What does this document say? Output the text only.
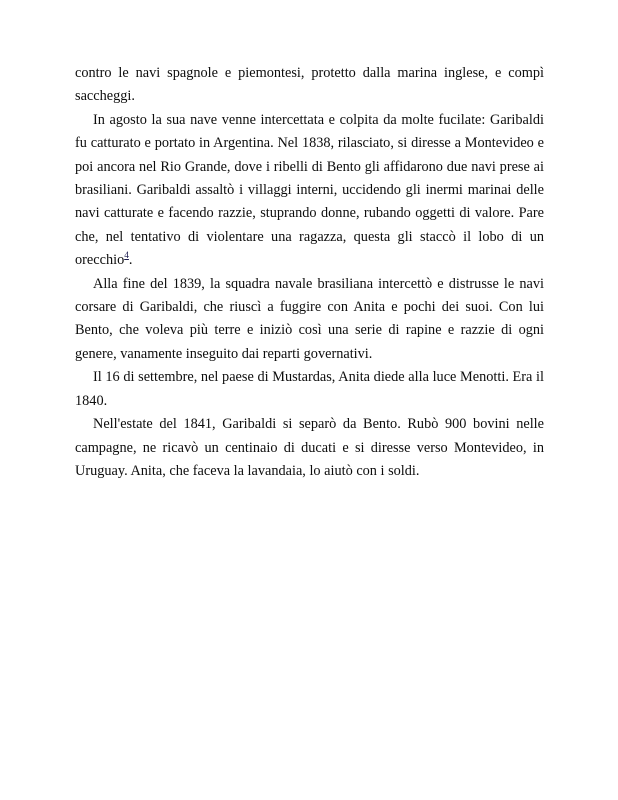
contro le navi spagnole e piemontesi, protetto dalla marina inglese, e compì saccheggi.

In agosto la sua nave venne intercettata e colpita da molte fucilate: Garibaldi fu catturato e portato in Argentina. Nel 1838, rilasciato, si diresse a Montevideo e poi ancora nel Rio Grande, dove i ribelli di Bento gli affidarono due navi prese ai brasiliani. Garibaldi assaltò i villaggi interni, uccidendo gli inermi marinai delle navi catturate e facendo razzie, stuprando donne, rubando oggetti di valore. Pare che, nel tentativo di violentare una ragazza, questa gli staccò il lobo di un orecchio$^4$.

Alla fine del 1839, la squadra navale brasiliana intercettò e distrusse le navi corsare di Garibaldi, che riuscì a fuggire con Anita e pochi dei suoi. Con lui Bento, che voleva più terre e iniziò così una serie di rapine e razzie di ogni genere, vanamente inseguito dai reparti governativi.

Il 16 di settembre, nel paese di Mustardas, Anita diede alla luce Menotti. Era il 1840.

Nell'estate del 1841, Garibaldi si separò da Bento. Rubò 900 bovini nelle campagne, ne ricavò un centinaio di ducati e si diresse verso Montevideo, in Uruguay. Anita, che faceva la lavandaia, lo aiutò con i soldi.
